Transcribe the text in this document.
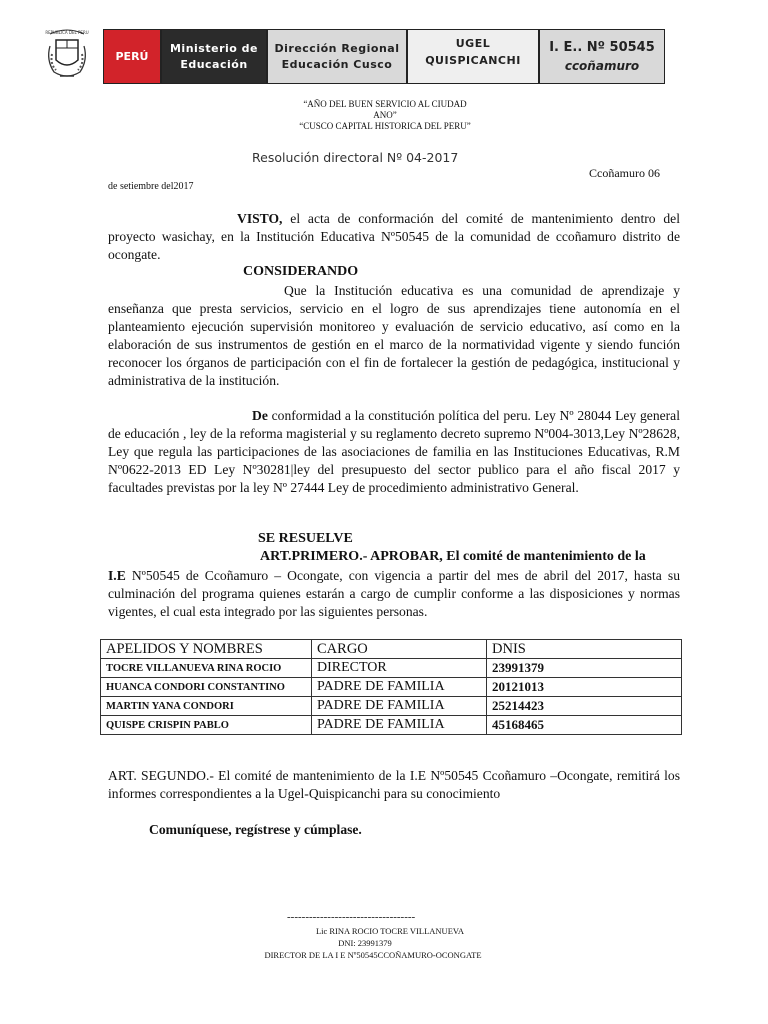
REPUBLICA DEL PERU
PERÚ
Ministerio de
Educación
Dirección Regional
Educación Cusco
UGEL
QUISPICANCHI
I. E.. Nº 50545
ccoñamuro
“AÑO DEL BUEN SERVICIO AL CIUDAD
ANO”
“CUSCO CAPITAL HISTORICA DEL PERU”
Resolución directoral Nº 04-2017
Ccoñamuro 06
de setiembre del2017
VISTO, el acta de conformación del comité de mantenimiento dentro del proyecto wasichay, en la Institución Educativa Nº50545 de la comunidad de ccoñamuro distrito de ocongate.
CONSIDERANDO
Que la Institución educativa es una comunidad de aprendizaje y enseñanza que presta servicios, servicio en el logro de sus aprendizajes tiene autonomía en el planteamiento ejecución supervisión monitoreo y evaluación de servicio educativo, así como en la elaboración de sus instrumentos de gestión en el marco de la normatividad vigente y siendo función reconocer los órganos de participación con el fin de fortalecer la gestión de pedagógica, institucional y administrativa de la institución.
De conformidad a la constitución política del peru. Ley Nº 28044 Ley general de educación , ley de la reforma magisterial y su reglamento decreto supremo Nº004-3013,Ley Nº28628, Ley que regula las participaciones de las asociaciones de familia en las Instituciones Educativas, R.M Nº0622-2013 ED Ley Nº30281|ley del presupuesto del sector publico para el año fiscal 2017 y facultades previstas por la ley Nº 27444 Ley de procedimiento administrativo General.
SE RESUELVE
ART.PRIMERO.- APROBAR, El comité de mantenimiento de la
I.E Nº50545 de Ccoñamuro – Ocongate, con vigencia a partir del mes de abril del 2017, hasta su culminación del programa quienes estarán a cargo de cumplir conforme a las disposiciones y normas vigentes, el cual esta integrado por las siguientes personas.
APELIDOS Y NOMBRES	CARGO	DNIS
TOCRE VILLANUEVA RINA ROCIO	DIRECTOR	23991379
HUANCA CONDORI CONSTANTINO	PADRE DE FAMILIA	20121013
MARTIN YANA CONDORI	PADRE DE FAMILIA	25214423
QUISPE CRISPIN PABLO	PADRE DE FAMILIA	45168465
ART. SEGUNDO.- El comité de mantenimiento de la I.E Nº50545 Ccoñamuro –Ocongate, remitirá los informes correspondientes a la Ugel-Quispicanchi para su conocimiento
Comuníquese, regístrese y cúmplase.
-----------------------------------
Lic RINA ROCIO TOCRE VILLANUEVA
DNI: 23991379
DIRECTOR DE LA I E Nº50545CCOÑAMURO-OCONGATE
